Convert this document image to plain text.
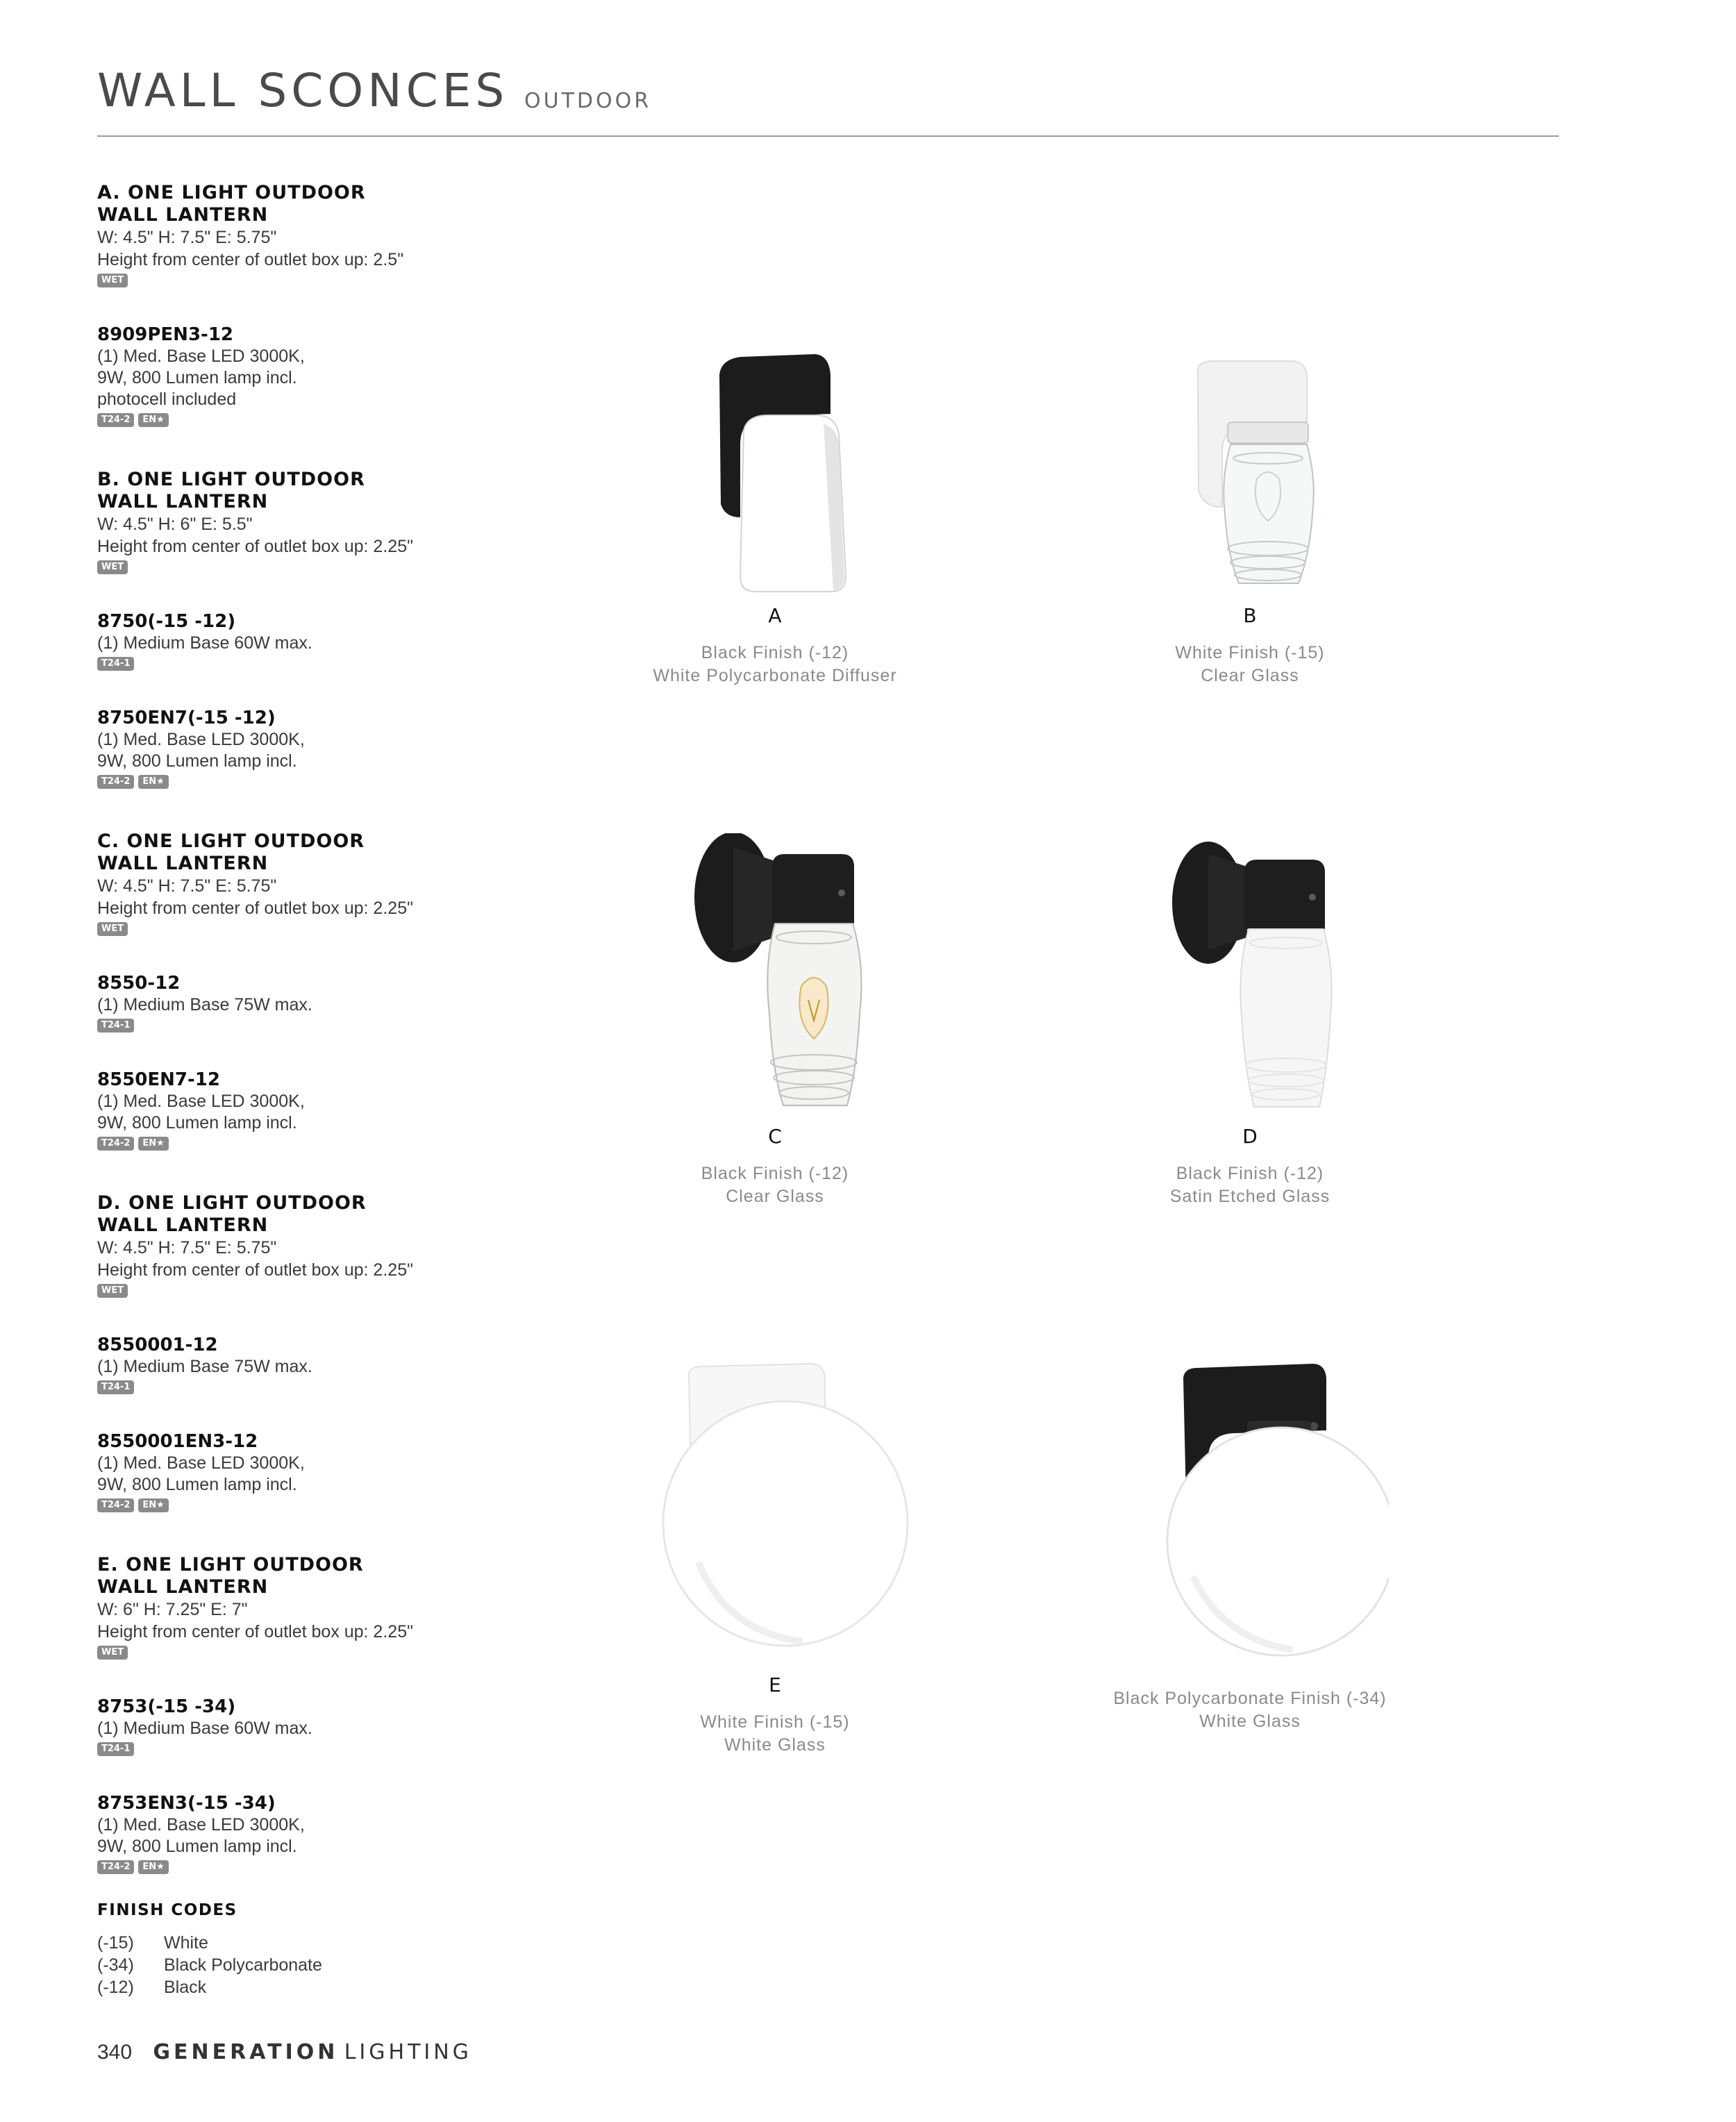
WALL SCONCES OUTDOOR
A. ONE LIGHT OUTDOOR
WALL LANTERN
W: 4.5" H: 7.5" E: 5.75"
Height from center of outlet box up: 2.5"
WET
8909PEN3-12
(1) Med. Base LED 3000K,
9W, 800 Lumen lamp incl.
photocell included
T24-2 EN★
B. ONE LIGHT OUTDOOR
WALL LANTERN
W: 4.5" H: 6" E: 5.5"
Height from center of outlet box up: 2.25"
WET
8750(-15 -12)
(1) Medium Base 60W max.
T24-1
8750EN7(-15 -12)
(1) Med. Base LED 3000K,
9W, 800 Lumen lamp incl.
T24-2 EN★
C. ONE LIGHT OUTDOOR
WALL LANTERN
W: 4.5" H: 7.5" E: 5.75"
Height from center of outlet box up: 2.25"
WET
8550-12
(1) Medium Base 75W max.
T24-1
8550EN7-12
(1) Med. Base LED 3000K,
9W, 800 Lumen lamp incl.
T24-2 EN★
D. ONE LIGHT OUTDOOR
WALL LANTERN
W: 4.5" H: 7.5" E: 5.75"
Height from center of outlet box up: 2.25"
WET
8550001-12
(1) Medium Base 75W max.
T24-1
8550001EN3-12
(1) Med. Base LED 3000K,
9W, 800 Lumen lamp incl.
T24-2 EN★
E. ONE LIGHT OUTDOOR
WALL LANTERN
W: 6" H: 7.25" E: 7"
Height from center of outlet box up: 2.25"
WET
8753(-15 -34)
(1) Medium Base 60W max.
T24-1
8753EN3(-15 -34)
(1) Med. Base LED 3000K,
9W, 800 Lumen lamp incl.
T24-2 EN★
FINISH CODES
(-15) White
(-34) Black Polycarbonate
(-12) Black
340 GENERATION LIGHTING
A
Black Finish (-12)
White Polycarbonate Diffuser
B
White Finish (-15)
Clear Glass
C
Black Finish (-12)
Clear Glass
D
Black Finish (-12)
Satin Etched Glass
E
White Finish (-15)
White Glass
Black Polycarbonate Finish (-34)
White Glass
